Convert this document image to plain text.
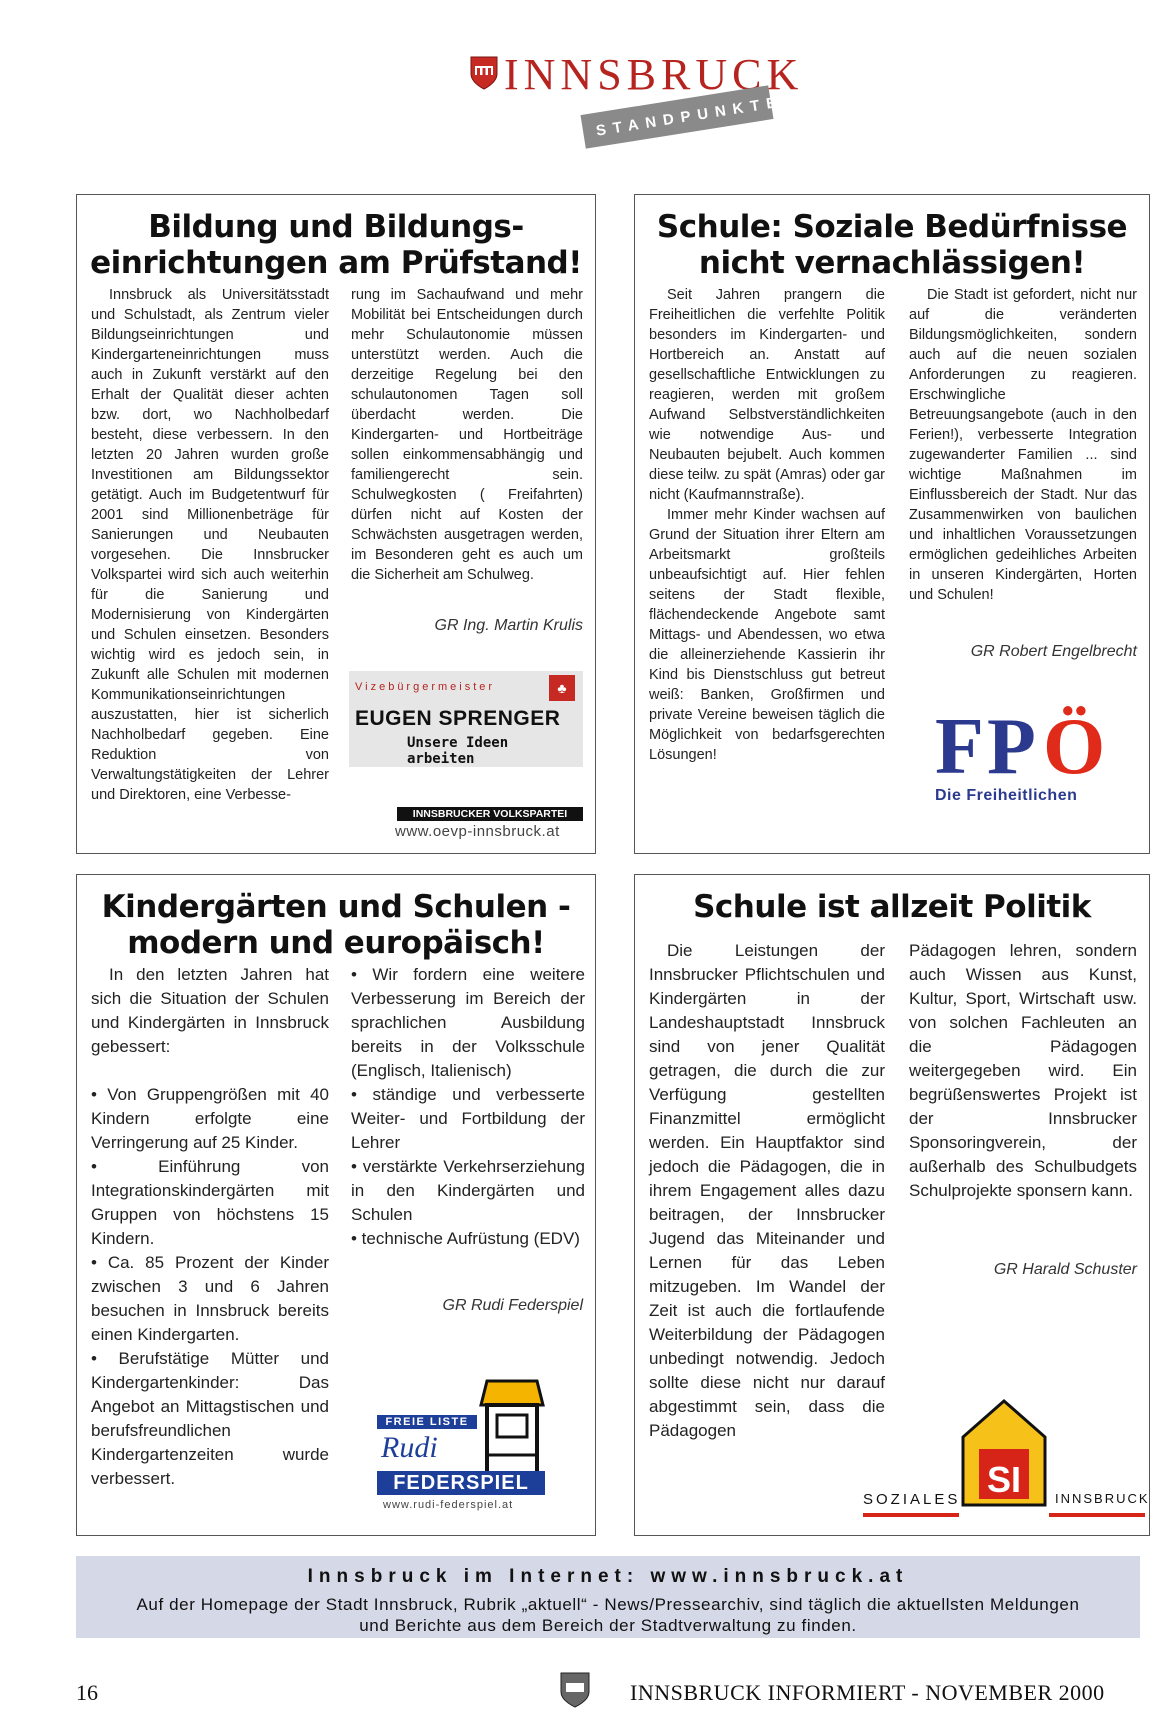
INNSBRUCK
STANDPUNKTE
Bildung und Bildungs-
einrichtungen am Prüfstand!

Innsbruck als Universitätsstadt und Schulstadt, als Zentrum vieler Bildungseinrichtungen und Kindergarteneinrichtungen muss auch in Zukunft verstärkt auf den Erhalt der Qualität dieser achten bzw. dort, wo Nachholbedarf besteht, diese verbessern. In den letzten 20 Jahren wurden große Investitionen am Bildungssektor getätigt. Auch im Budgetentwurf für 2001 sind Millionenbeträge für Sanierungen und Neubauten vorgesehen. Die Innsbrucker Volkspartei wird sich auch weiterhin für die Sanierung und Modernisierung von Kindergärten und Schulen einsetzen. Besonders wichtig wird es jedoch sein, in Zukunft alle Schulen mit modernen Kommunikationseinrichtungen auszustatten, hier ist sicherlich Nachholbedarf gegeben. Eine Reduktion von Verwaltungstätigkeiten der Lehrer und Direktoren, eine Verbesse-

rung im Sachaufwand und mehr Mobilität bei Entscheidungen durch mehr Schulautonomie müssen unterstützt werden. Auch die derzeitige Regelung bei den schulautonomen Tagen soll überdacht werden. Die Kindergarten- und Hortbeiträge sollen einkommensabhängig und familiengerecht sein. Schulwegkosten ( Freifahrten) dürfen nicht auf Kosten der Schwächsten ausgetragen werden, im Besonderen geht es auch um die Sicherheit am Schulweg.

GR Ing. Martin Krulis
Vizebürgermeister	♣
EUGEN SPRENGER
Unsere Ideen arbeiten
INNSBRUCKER VOLKSPARTEI
www.oevp-innsbruck.at
Schule: Soziale Bedürfnisse
nicht vernachlässigen!

Seit Jahren prangern die Freiheitlichen die verfehlte Politik besonders im Kindergarten- und Hortbereich an. Anstatt auf gesellschaftliche Entwicklungen zu reagieren, werden mit großem Aufwand Selbstverständlichkeiten wie notwendige Aus- und Neubauten bejubelt. Auch kommen diese teilw. zu spät (Amras) oder gar nicht (Kaufmannstraße).

Immer mehr Kinder wachsen auf Grund der Situation ihrer Eltern am Arbeitsmarkt großteils unbeaufsichtigt auf. Hier fehlen seitens der Stadt flexible, flächendeckende Angebote samt Mittags- und Abendessen, wo etwa die alleinerziehende Kassierin ihr Kind bis Dienstschluss gut betreut weiß: Banken, Großfirmen und private Vereine beweisen täglich die Möglichkeit von bedarfsgerechten Lösungen!

Die Stadt ist gefordert, nicht nur auf die veränderten Bildungsmöglichkeiten, sondern auch auf die neuen sozialen Anforderungen zu reagieren. Erschwingliche Betreuungsangebote (auch in den Ferien!), verbesserte Integration zugewanderter Familien ... sind wichtige Maßnahmen im Einflussbereich der Stadt. Nur das Zusammenwirken von baulichen und inhaltlichen Voraussetzungen ermöglichen gedeihliches Arbeiten in unseren Kindergärten, Horten und Schulen!

GR Robert Engelbrecht
F P Ö
Die Freiheitlichen
Kindergärten und Schulen -
modern und europäisch!

In den letzten Jahren hat sich die Situation der Schulen und Kindergärten in Innsbruck gebessert:

• Von Gruppengrößen mit 40 Kindern erfolgte eine Verringerung auf 25 Kinder.

• Einführung von Integrationskindergärten mit Gruppen von höchstens 15 Kindern.

• Ca. 85 Prozent der Kinder zwischen 3 und 6 Jahren besuchen in Innsbruck bereits einen Kindergarten.

• Berufstätige Mütter und Kindergartenkinder: Das Angebot an Mittagstischen und berufsfreundlichen Kindergartenzeiten wurde verbessert.

• Wir fordern eine weitere Verbesserung im Bereich der sprachlichen Ausbildung bereits in der Volksschule (Englisch, Italienisch)

• ständige und verbesserte Weiter- und Fortbildung der Lehrer

• verstärkte Verkehrserziehung in den Kindergärten und Schulen

• technische Aufrüstung (EDV)

GR Rudi Federspiel
FREIE LISTE
Rudi
FEDERSPIEL
www.rudi-federspiel.at
Schule ist allzeit Politik

Die Leistungen der Innsbrucker Pflichtschulen und Kindergärten in der Landeshauptstadt Innsbruck sind von jener Qualität getragen, die durch die zur Verfügung gestellten Finanzmittel ermöglicht werden. Ein Hauptfaktor sind jedoch die Pädagogen, die in ihrem Engagement alles dazu beitragen, der Innsbrucker Jugend das Miteinander und Lernen für das Leben mitzugeben. Im Wandel der Zeit ist auch die fortlaufende Weiterbildung der Pädagogen unbedingt notwendig. Jedoch sollte diese nicht nur darauf abgestimmt sein, dass die Pädagogen

Pädagogen lehren, sondern auch Wissen aus Kunst, Kultur, Sport, Wirtschaft usw. von solchen Fachleuten an die Pädagogen weitergegeben wird. Ein begrüßenswertes Projekt ist der Innsbrucker Sponsoringverein, der außerhalb des Schulbudgets Schulprojekte sponsern kann.

GR Harald Schuster
SI
SOZIALES	INNSBRUCK
Innsbruck im Internet: www.innsbruck.at
Auf der Homepage der Stadt Innsbruck, Rubrik „aktuell“ - News/Pressearchiv, sind täglich die aktuellsten Meldungen und Berichte aus dem Bereich der Stadtverwaltung zu finden.
16	INNSBRUCK INFORMIERT - NOVEMBER 2000
